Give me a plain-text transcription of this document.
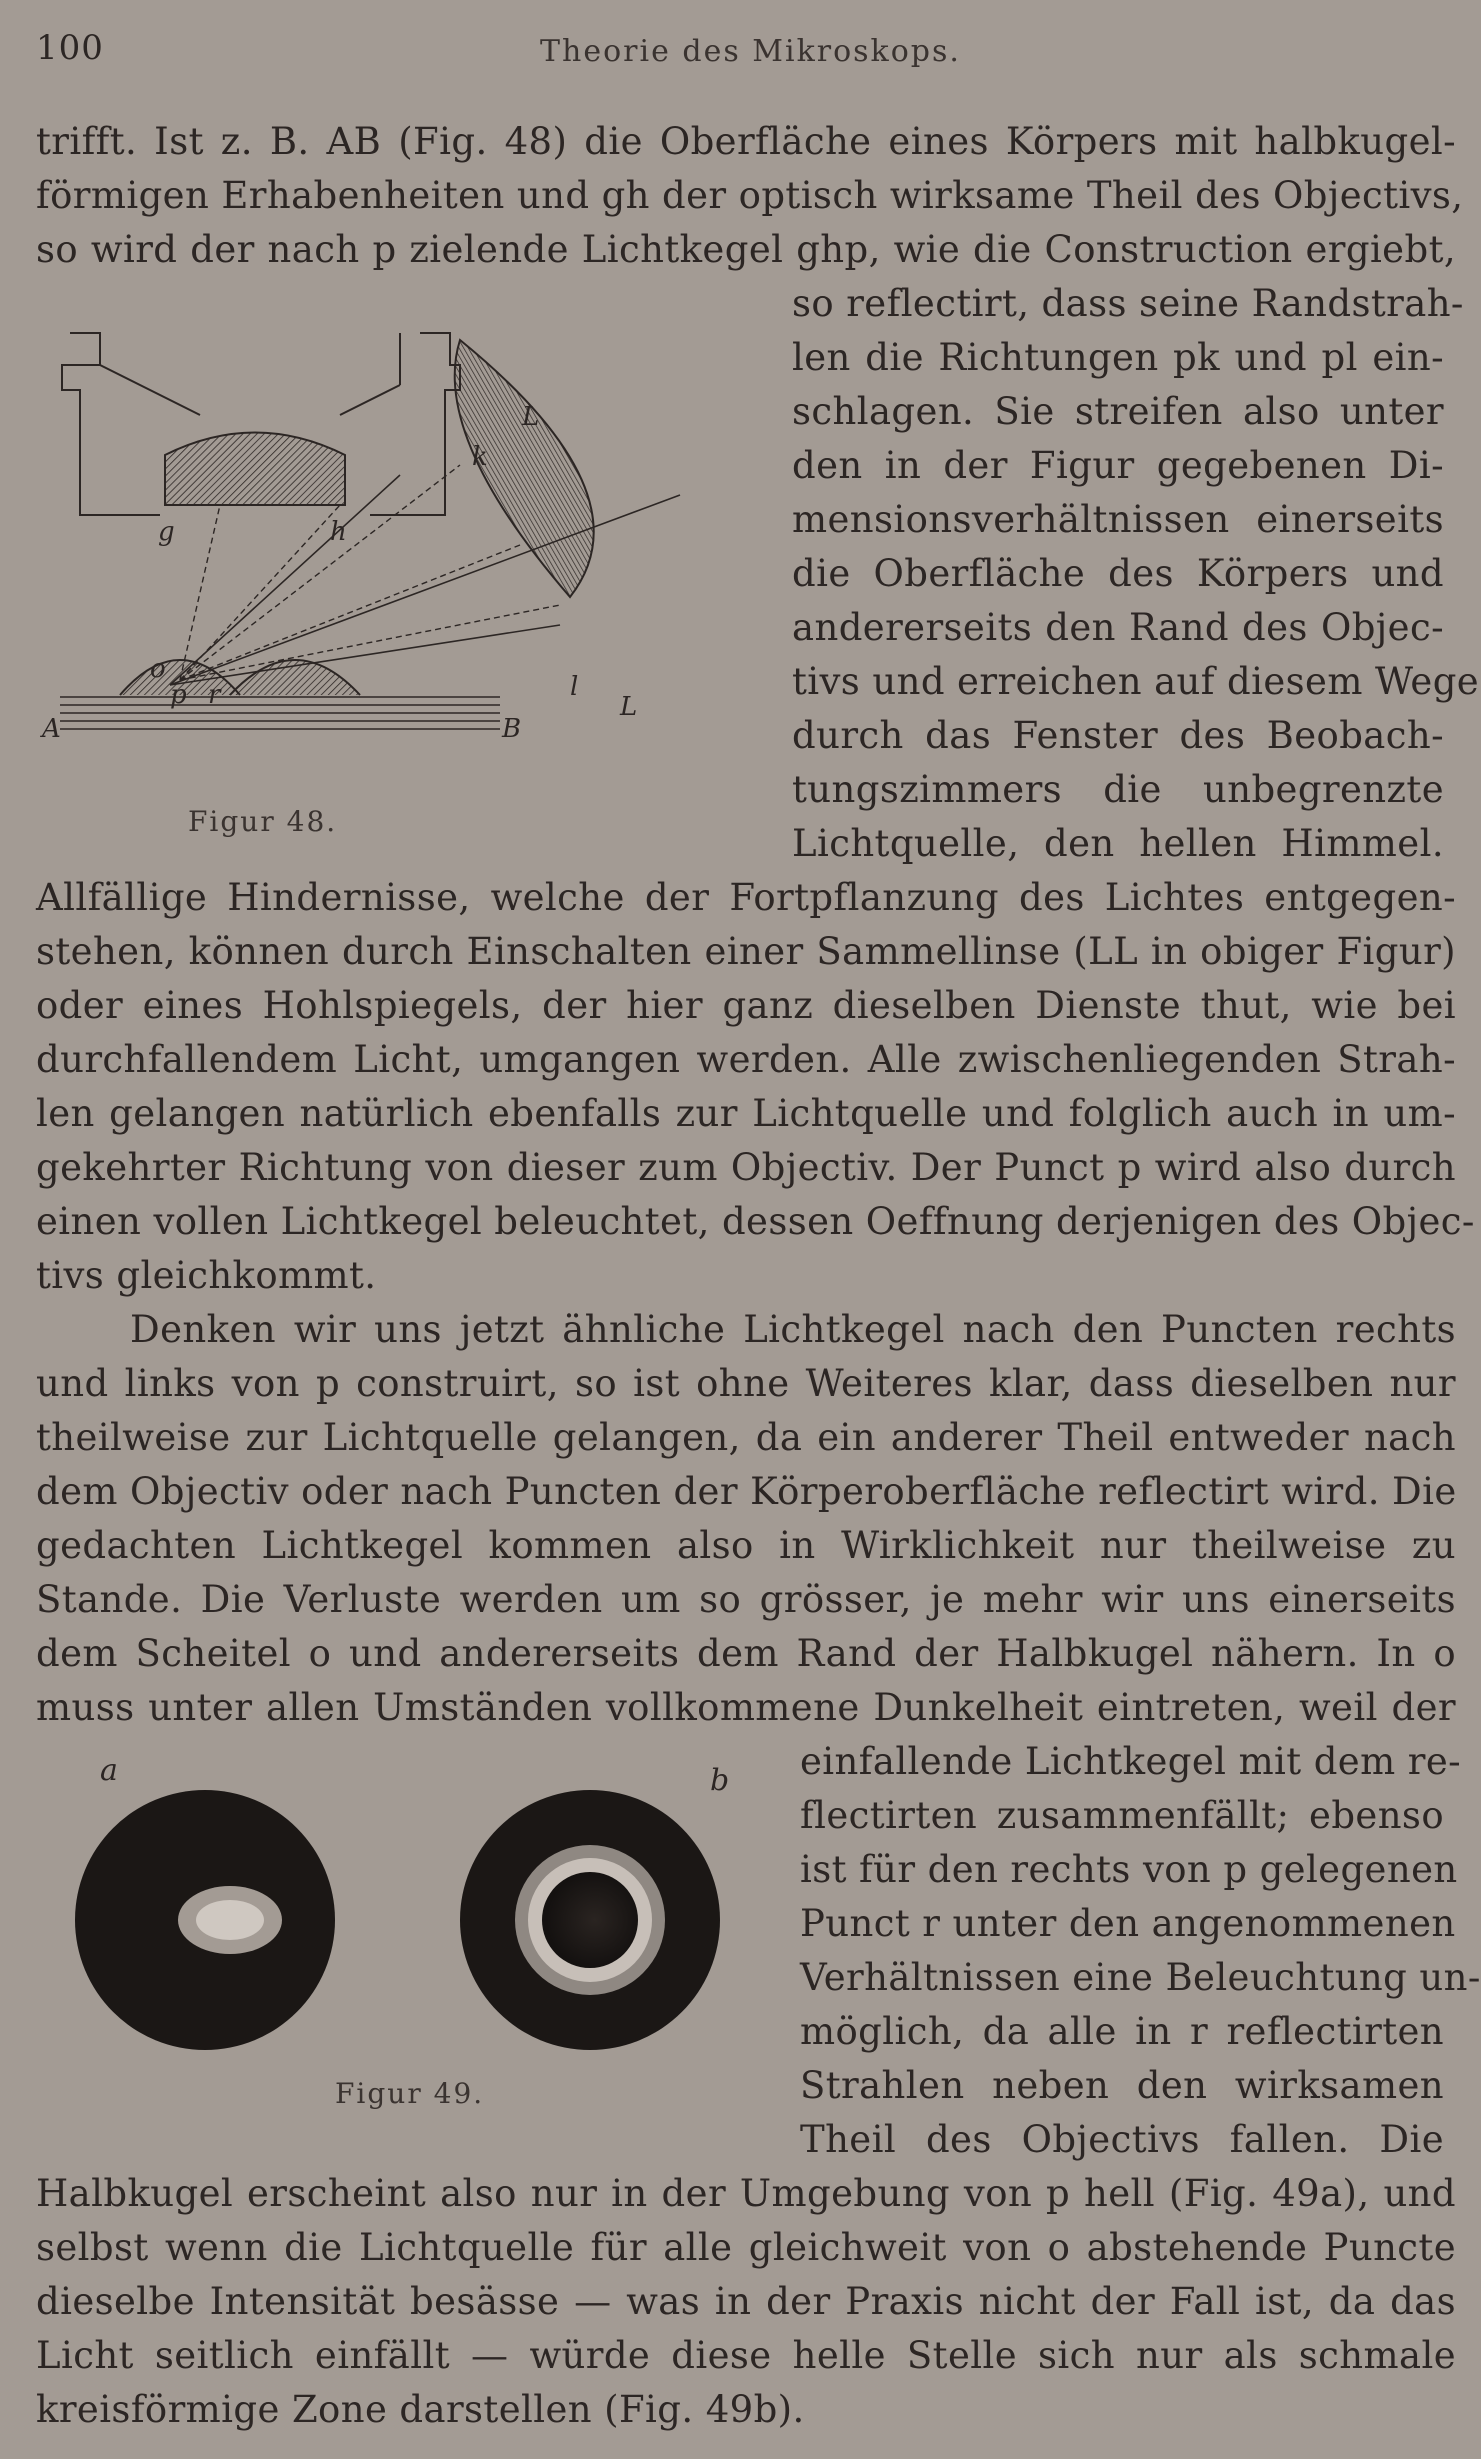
100	Theorie des Mikroskops.
L
L
g	h
k
o
p r	l
A	B
Figur 48.
a	b
Figur 49.
trifft. Ist z. B. AB (Fig. 48) die Oberfläche eines Körpers mit halbkugel-
förmigen Erhabenheiten und gh der optisch wirksame Theil des Objectivs,
so wird der nach p zielende Lichtkegel ghp, wie die Construction ergiebt,
so reflectirt, dass seine Randstrah-
len die Richtungen pk und pl ein-
schlagen. Sie streifen also unter
den in der Figur gegebenen Di-
mensionsverhältnissen einerseits
die Oberfläche des Körpers und
andererseits den Rand des Objec-
tivs und erreichen auf diesem Wege
durch das Fenster des Beobach-
tungszimmers die unbegrenzte
Lichtquelle, den hellen Himmel.
Allfällige Hindernisse, welche der Fortpflanzung des Lichtes entgegen-
stehen, können durch Einschalten einer Sammellinse (LL in obiger Figur)
oder eines Hohlspiegels, der hier ganz dieselben Dienste thut, wie bei
durchfallendem Licht, umgangen werden. Alle zwischenliegenden Strah-
len gelangen natürlich ebenfalls zur Lichtquelle und folglich auch in um-
gekehrter Richtung von dieser zum Objectiv. Der Punct p wird also durch
einen vollen Lichtkegel beleuchtet, dessen Oeffnung derjenigen des Objec-
tivs gleichkommt.
Denken wir uns jetzt ähnliche Lichtkegel nach den Puncten rechts
und links von p construirt, so ist ohne Weiteres klar, dass dieselben nur
theilweise zur Lichtquelle gelangen, da ein anderer Theil entweder nach
dem Objectiv oder nach Puncten der Körperoberfläche reflectirt wird. Die
gedachten Lichtkegel kommen also in Wirklichkeit nur theilweise zu
Stande. Die Verluste werden um so grösser, je mehr wir uns einerseits
dem Scheitel o und andererseits dem Rand der Halbkugel nähern. In o
muss unter allen Umständen vollkommene Dunkelheit eintreten, weil der
einfallende Lichtkegel mit dem re-
flectirten zusammenfällt; ebenso
ist für den rechts von p gelegenen
Punct r unter den angenommenen
Verhältnissen eine Beleuchtung un-
möglich, da alle in r reflectirten
Strahlen neben den wirksamen
Theil des Objectivs fallen. Die
Halbkugel erscheint also nur in der Umgebung von p hell (Fig. 49a), und
selbst wenn die Lichtquelle für alle gleichweit von o abstehende Puncte
dieselbe Intensität besässe — was in der Praxis nicht der Fall ist, da das
Licht seitlich einfällt — würde diese helle Stelle sich nur als schmale
kreisförmige Zone darstellen (Fig. 49b).
